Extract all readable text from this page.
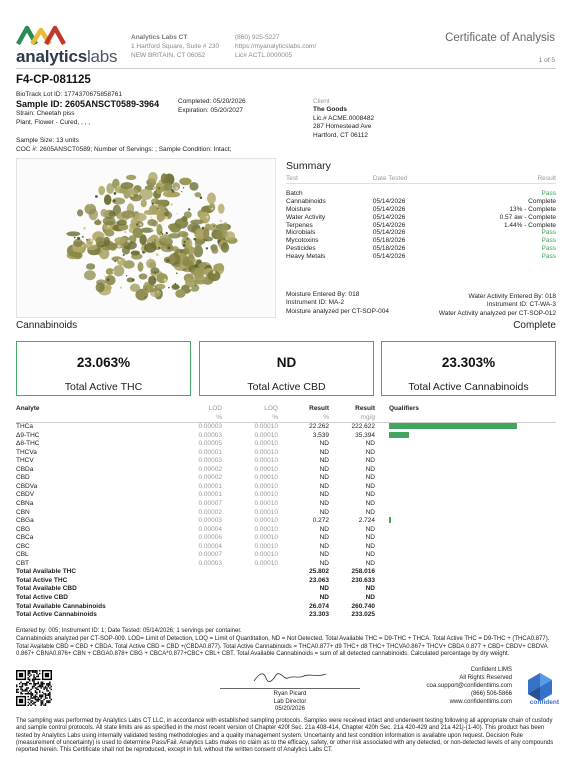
analyticslabs
Analytics Labs CT
1 Hartford Square, Suite # 230
NEW BRITAIN, CT 06052
(860) 925-5227
https://myanalyticslabs.com/
Lic# ACTL.0000005
Certificate of Analysis
1 of 5
F4-CP-081125
BioTrack Lot ID: 1774370675858761
Sample ID: 2605ANSCT0589-3964
Strain: Cheetah piss
Plant, Flower - Cured, , , ,
Completed: 05/20/2026
Expiration: 05/20/2027
Client
The Goods
Lic.# ACME.0008482
287 Homestead Ave
Hartford, CT 06112
Sample Size: 13 units
COC #: 2605ANSCT0589; Number of Servings: ; Sample Condition: Intact;
Summary
Test	Date Tested	Result
Batch		Pass
Cannabinoids	05/14/2026	Complete
Moisture	05/14/2026	13% - Complete
Water Activity	05/14/2026	0.57 aw - Complete
Terpenes	05/14/2026	1.44% - Complete
Microbials	05/14/2026	Pass
Mycotoxins	05/18/2026	Pass
Pesticides	05/18/2026	Pass
Heavy Metals	05/14/2026	Pass
Moisture Entered By: 018
Instrument ID: MA-2
Moisture analyzed per CT-SOP-004
Water Activity Entered By: 018
Instrument ID: CT-WA-3
Water Activity analyzed per CT-SOP-012
Cannabinoids	Complete
23.063%
Total Active THC
ND
Total Active CBD
23.303%
Total Active Cannabinoids
Analyte	LOD	LOQ	Result	Result	Qualifiers
	%	%	%	mg/g	
THCa	0.00003	0.00010	22.262	222.622	
Δ9-THC	0.00003	0.00010	3.539	35.394	
Δ8-THC	0.00005	0.00010	ND	ND	
THCVa	0.00001	0.00010	ND	ND	
THCV	0.00003	0.00010	ND	ND	
CBDa	0.00002	0.00010	ND	ND	
CBD	0.00002	0.00010	ND	ND	
CBDVa	0.00001	0.00010	ND	ND	
CBDV	0.00001	0.00010	ND	ND	
CBNa	0.00007	0.00010	ND	ND	
CBN	0.00002	0.00010	ND	ND	
CBGa	0.00003	0.00010	0.272	2.724	
CBG	0.00004	0.00010	ND	ND	
CBCa	0.00006	0.00010	ND	ND	
CBC	0.00004	0.00010	ND	ND	
CBL	0.00007	0.00010	ND	ND	
CBT	0.00003	0.00010	ND	ND	
Total Available THC			25.802	258.016	
Total Active THC			23.063	230.633	
Total Available CBD			ND	ND	
Total Active CBD			ND	ND	
Total Available Cannabinoids			26.074	260.740	
Total Active Cannabinoids			23.303	233.025	
Entered by: 005; Instrument ID: 1; Date Tested: 05/14/2026; 1 servings per container.
Cannabinoids analyzed per CT-SOP-009. LOD= Limit of Detection, LOQ = Limit of Quantitation, ND = Not Detected. Total Available THC = D9-THC + THCA. Total Active THC = D9-THC + (THCA0.877). Total Available CBD = CBD + CBDA. Total Active CBD = CBD +(CBDA0.877). Total Active Cannabinoids = THCA0.877+ d9 THC+ d8 THC+ THCVA0.867+ THCV+ CBDA 0.877 + CBD+ CBDV+ CBDVA 0.867+ CBNA0.876+ CBN + CBGA0.878+ CBG + CBCA*0.877+CBC+ CBL+ CBT. Total Available Cannabinoids = sum of all detected cannabinoids. Calculated percentage by dry weight.
Ryan Picard
Lab Director
05/20/2026
Confident LIMS
All Rights Reserved
coa.support@confidentlims.com
(866) 506-5866
www.confidentlims.com	confident
The sampling was performed by Analytics Labs CT LLC, in accordance with established sampling protocols. Samples were received intact and underwent testing following all appropriate chain of custody and sample control protocols. All state limits are as specified in the most recent version of Chapter 420f Sec. 21a 408-414, Chapter 420h Sec. 21a 420-429 and 21a 421j-(1-40). This product has been tested by Analytics Labs using internally validated testing methodologies and a quality management system. Uncertainty and test condition information is available upon request. Decision Rule (measurement of uncertainty) is used to determine Pass/Fail. Analytics Labs makes no claim as to the efficacy, safety, or other risk associated with any detected, or non-detected levels of any compounds reported herein. This Certificate shall not be reproduced, except in full, without the written consent of Analytics Labs CT.
